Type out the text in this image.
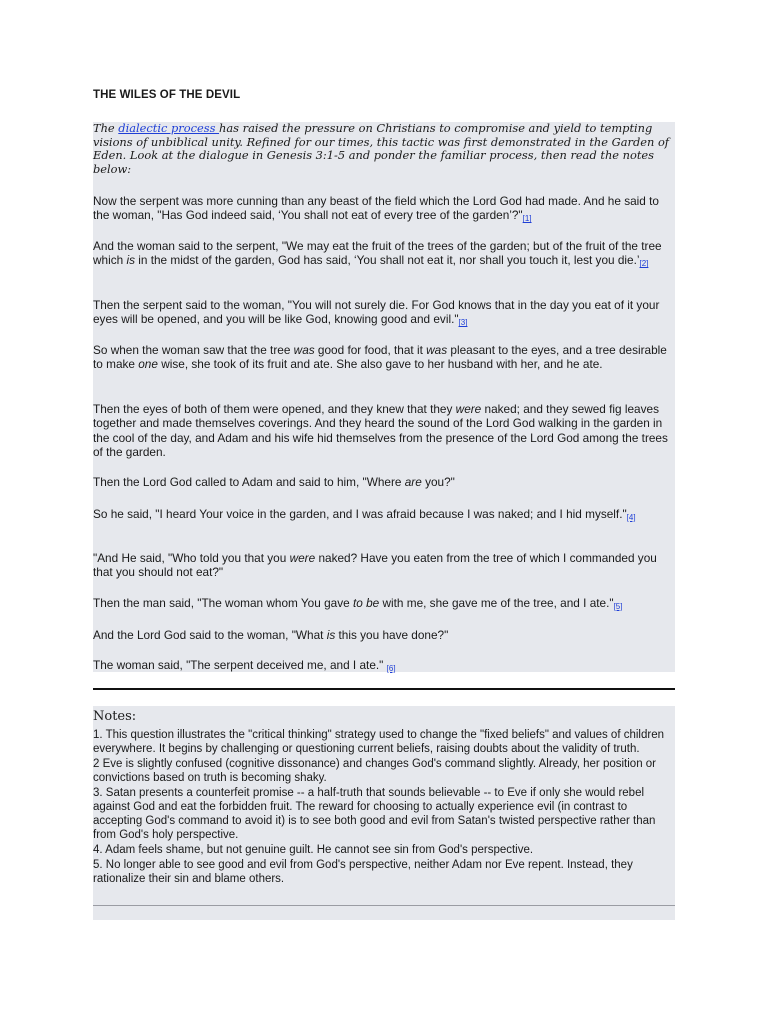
THE WILES OF THE DEVIL
The dialectic process has raised the pressure on Christians to compromise and yield to tempting visions of unbiblical unity. Refined for our times, this tactic was first demonstrated in the Garden of Eden. Look at the dialogue in Genesis 3:1-5 and ponder the familiar process, then read the notes below:
Now the serpent was more cunning than any beast of the field which the Lord God had made. And he said to the woman, "Has God indeed said, ‘You shall not eat of every tree of the garden’?"[1]
And the woman said to the serpent, "We may eat the fruit of the trees of the garden; but of the fruit of the tree which is in the midst of the garden, God has said, ‘You shall not eat it, nor shall you touch it, lest you die.’[2]
Then the serpent said to the woman, "You will not surely die. For God knows that in the day you eat of it your eyes will be opened, and you will be like God, knowing good and evil."[3]
So when the woman saw that the tree was good for food, that it was pleasant to the eyes, and a tree desirable to make one wise, she took of its fruit and ate. She also gave to her husband with her, and he ate.
Then the eyes of both of them were opened, and they knew that they were naked; and they sewed fig leaves together and made themselves coverings. And they heard the sound of the Lord God walking in the garden in the cool of the day, and Adam and his wife hid themselves from the presence of the Lord God among the trees of the garden.
Then the Lord God called to Adam and said to him, "Where are you?"
So he said, "I heard Your voice in the garden, and I was afraid because I was naked; and I hid myself."[4]
"And He said, "Who told you that you were naked? Have you eaten from the tree of which I commanded you that you should not eat?"
Then the man said, "The woman whom You gave to be with me, she gave me of the tree, and I ate."[5]
And the Lord God said to the woman, "What is this you have done?"
The woman said, "The serpent deceived me, and I ate." [6]
Notes:
1. This question illustrates the "critical thinking" strategy used to change the "fixed beliefs" and values of children everywhere. It begins by challenging or questioning current beliefs, raising doubts about the validity of truth.
2 Eve is slightly confused (cognitive dissonance) and changes God's command slightly. Already, her position or convictions based on truth is becoming shaky.
3. Satan presents a counterfeit promise -- a half-truth that sounds believable -- to Eve if only she would rebel against God and eat the forbidden fruit. The reward for choosing to actually experience evil (in contrast to accepting God's command to avoid it) is to see both good and evil from Satan's twisted perspective rather than from God's holy perspective.
4. Adam feels shame, but not genuine guilt. He cannot see sin from God's perspective.
5. No longer able to see good and evil from God's perspective, neither Adam nor Eve repent. Instead, they rationalize their sin and blame others.
